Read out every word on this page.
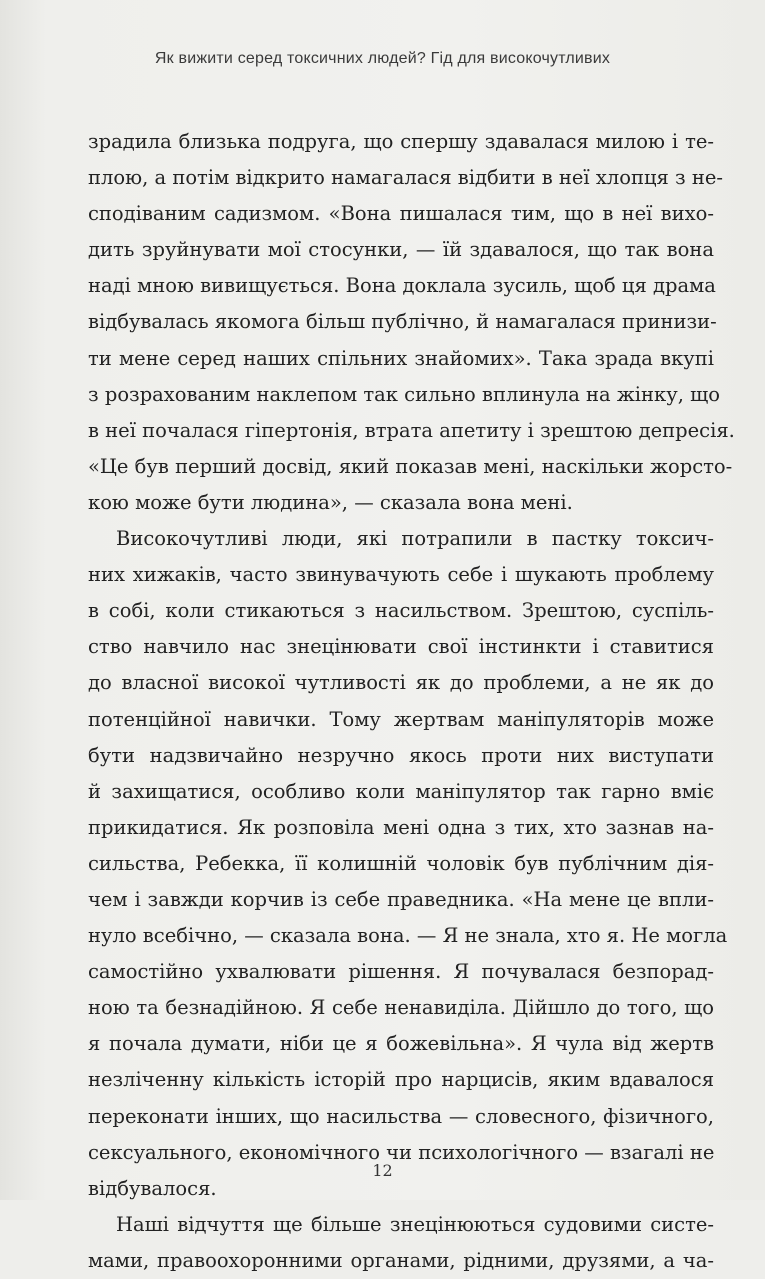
Як вижити серед токсичних людей? Гід для високочутливих
зрадила близька подруга, що спершу здавалася милою і те-
плою, а потім відкрито намагалася відбити в неї хлопця з не-
сподіваним садизмом. «Вона пишалася тим, що в неї вихо-
дить зруйнувати мої стосунки, — їй здавалося, що так вона
наді мною вивищується. Вона доклала зусиль, щоб ця драма
відбувалась якомога більш публічно, й намагалася принизи-
ти мене серед наших спільних знайомих». Така зрада вкупі
з розрахованим наклепом так сильно вплинула на жінку, що
в неї почалася гіпертонія, втрата апетиту і зрештою депресія.
«Це був перший досвід, який показав мені, наскільки жорсто-
кою може бути людина», — сказала вона мені.
Високочутливі люди, які потрапили в пастку токсич-
них хижаків, часто звинувачують себе і шукають проблему
в собі, коли стикаються з насильством. Зрештою, суспіль-
ство навчило нас знецінювати свої інстинкти і ставитися
до власної високої чутливості як до проблеми, а не як до
потенційної навички. Тому жертвам маніпуляторів може
бути надзвичайно незручно якось проти них виступати
й захищатися, особливо коли маніпулятор так гарно вміє
прикидатися. Як розповіла мені одна з тих, хто зазнав на-
сильства, Ребекка, її колишній чоловік був публічним дія-
чем і завжди корчив із себе праведника. «На мене це впли-
нуло всебічно, — сказала вона. — Я не знала, хто я. Не могла
самостійно ухвалювати рішення. Я почувалася безпорад-
ною та безнадійною. Я себе ненавиділа. Дійшло до того, що
я почала думати, ніби це я божевільна». Я чула від жертв
незліченну кількість історій про нарцисів, яким вдавалося
переконати інших, що насильства — словесного, фізичного,
сексуального, економічного чи психологічного — взагалі не
відбувалося.
Наші відчуття ще більше знецінюються судовими систе-
мами, правоохоронними органами, рідними, друзями, а ча-
12
